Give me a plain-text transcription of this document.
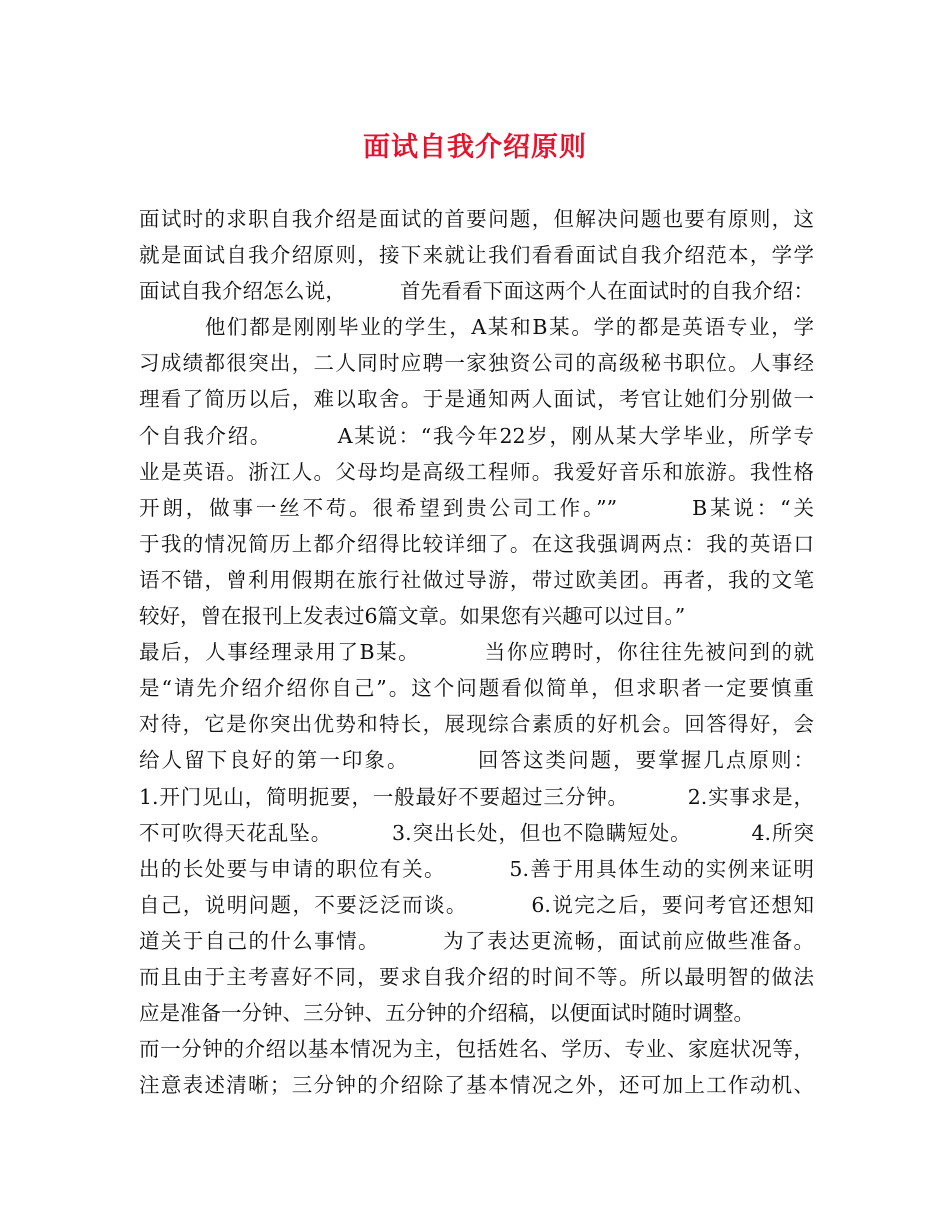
面试自我介绍原则
面试时的求职自我介绍是面试的首要问题，但解决问题也要有原则，这
就是面试自我介绍原则，接下来就让我们看看面试自我介绍范本，学学
面试自我介绍怎么说，        首先看看下面这两个人在面试时的自我介绍：
他们都是刚刚毕业的学生，A某和B某。学的都是英语专业，学
习成绩都很突出，二人同时应聘一家独资公司的高级秘书职位。人事经
理看了简历以后，难以取舍。于是通知两人面试，考官让她们分别做一
个自我介绍。        A某说：“我今年22岁，刚从某大学毕业，所学专
业是英语。浙江人。父母均是高级工程师。我爱好音乐和旅游。我性格
开朗，做事一丝不苟。很希望到贵公司工作。””        B某说：“关
于我的情况简历上都介绍得比较详细了。在这我强调两点：我的英语口
语不错，曾利用假期在旅行社做过导游，带过欧美团。再者，我的文笔
较好，曾在报刊上发表过6篇文章。如果您有兴趣可以过目。”
最后，人事经理录用了B某。        当你应聘时，你往往先被问到的就
是“请先介绍介绍你自己”。这个问题看似简单，但求职者一定要慎重
对待，它是你突出优势和特长，展现综合素质的好机会。回答得好，会
给人留下良好的第一印象。        回答这类问题，要掌握几点原则：
1.开门见山，简明扼要，一般最好不要超过三分钟。        2.实事求是，
不可吹得天花乱坠。        3.突出长处，但也不隐瞒短处。        4.所突
出的长处要与申请的职位有关。        5.善于用具体生动的实例来证明
自己，说明问题，不要泛泛而谈。        6.说完之后，要问考官还想知
道关于自己的什么事情。        为了表达更流畅，面试前应做些准备。
而且由于主考喜好不同，要求自我介绍的时间不等。所以最明智的做法
应是准备一分钟、三分钟、五分钟的介绍稿，以便面试时随时调整。
而一分钟的介绍以基本情况为主，包括姓名、学历、专业、家庭状况等，
注意表述清晰；三分钟的介绍除了基本情况之外，还可加上工作动机、
